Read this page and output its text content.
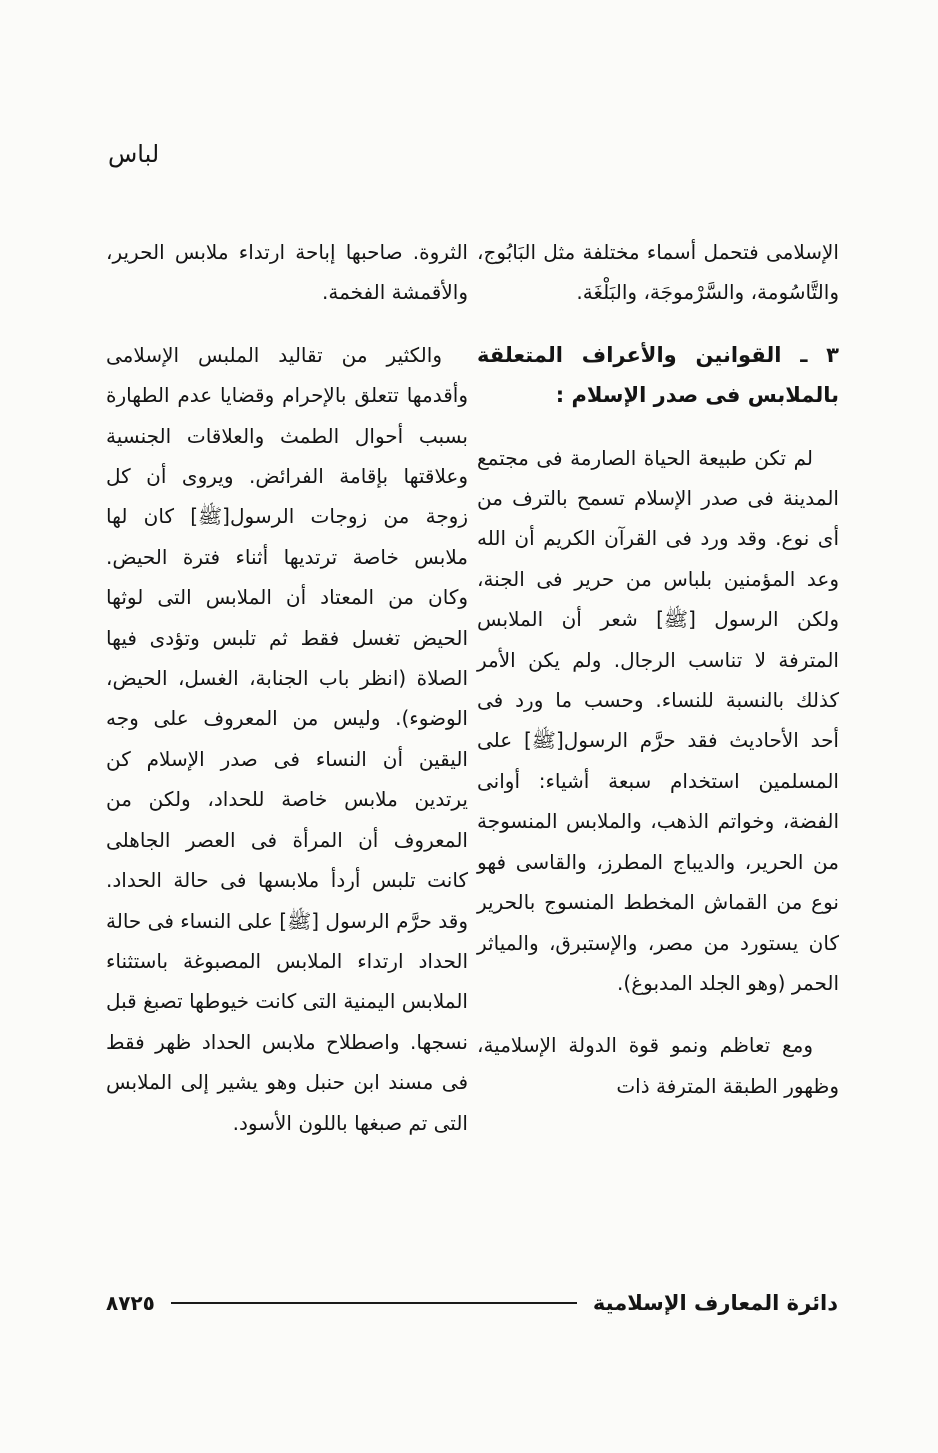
لباس

الإسلامى فتحمل أسماء مختلفة مثل البَابُوج، والتَّاسُومة، والسَّرْموجَة، والبَلْغَة.

٣ ـ القوانين والأعراف المتعلقة بالملابس فى صدر الإسلام :

لم تكن طبيعة الحياة الصارمة فى مجتمع المدينة فى صدر الإسلام تسمح بالترف من أى نوع. وقد ورد فى القرآن الكريم أن الله وعد المؤمنين بلباس من حرير فى الجنة، ولكن الرسول [ﷺ] شعر أن الملابس المترفة لا تناسب الرجال. ولم يكن الأمر كذلك بالنسبة للنساء. وحسب ما ورد فى أحد الأحاديث فقد حرَّم الرسول[ﷺ] على المسلمين استخدام سبعة أشياء: أوانى الفضة، وخواتم الذهب، والملابس المنسوجة من الحرير، والديباج المطرز، والقاسى فهو نوع من القماش المخطط المنسوج بالحرير كان يستورد من مصر، والإستبرق، والمياثر الحمر (وهو الجلد المدبوغ).

ومع تعاظم ونمو قوة الدولة الإسلامية، وظهور الطبقة المترفة ذات

الثروة. صاحبها إباحة ارتداء ملابس الحرير، والأقمشة الفخمة.

والكثير من تقاليد الملبس الإسلامى وأقدمها تتعلق بالإحرام وقضايا عدم الطهارة بسبب أحوال الطمث والعلاقات الجنسية وعلاقتها بإقامة الفرائض. ويروى أن كل زوجة من زوجات الرسول[ﷺ] كان لها ملابس خاصة ترتديها أثناء فترة الحيض. وكان من المعتاد أن الملابس التى لوثها الحيض تغسل فقط ثم تلبس وتؤدى فيها الصلاة (انظر باب الجنابة، الغسل، الحيض، الوضوء). وليس من المعروف على وجه اليقين أن النساء فى صدر الإسلام كن يرتدين ملابس خاصة للحداد، ولكن من المعروف أن المرأة فى العصر الجاهلى كانت تلبس أردأ ملابسها فى حالة الحداد. وقد حرَّم الرسول [ﷺ] على النساء فى حالة الحداد ارتداء الملابس المصبوغة باستثناء الملابس اليمنية التى كانت خيوطها تصبغ قبل نسجها. واصطلاح ملابس الحداد ظهر فقط فى مسند ابن حنبل وهو يشير إلى الملابس التى تم صبغها باللون الأسود.

دائرة المعارف الإسلامية
٨٧٢٥
